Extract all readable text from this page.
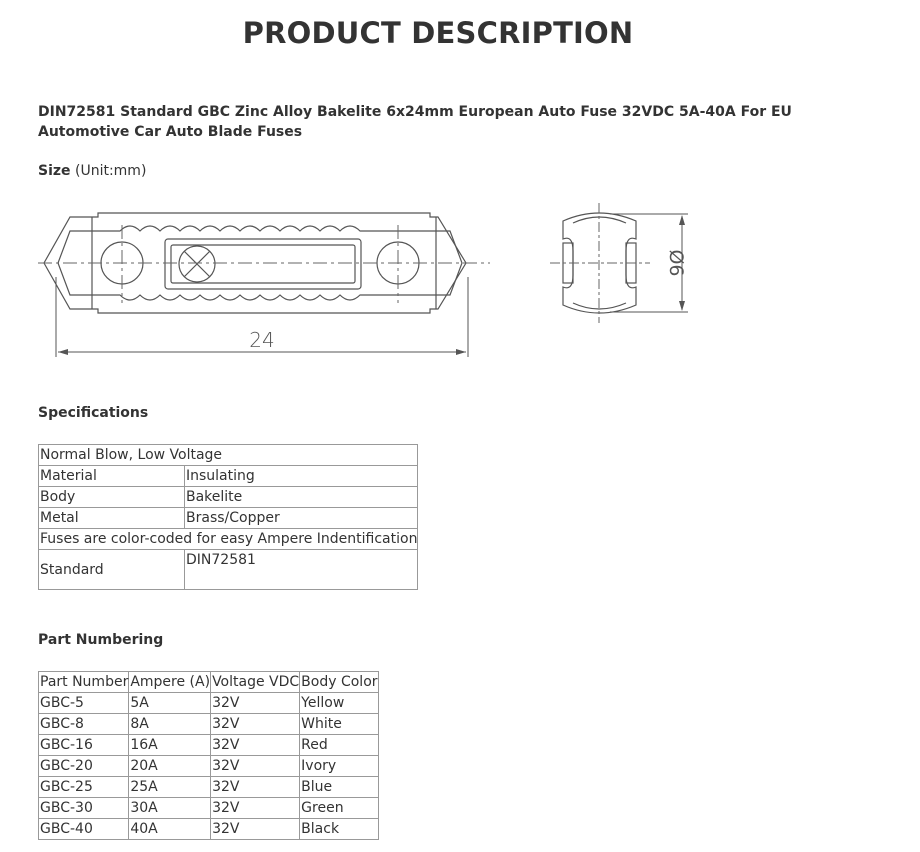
PRODUCT DESCRIPTION

DIN72581 Standard GBC Zinc Alloy Bakelite 6x24mm European Auto Fuse 32VDC 5A-40A For EU Automotive Car Auto Blade Fuses

Size (Unit:mm)
24
Ø6
Specifications
Normal Blow, Low Voltage	
Material	Insulating
Body	Bakelite
Metal	Brass/Copper
Fuses are color-coded for easy Ampere Indentification	
Standard	DIN72581
Part Numbering
Part Number	Ampere (A)	Voltage VDC	Body Color
GBC-5	5A	32V	Yellow
GBC-8	8A	32V	White
GBC-16	16A	32V	Red
GBC-20	20A	32V	Ivory
GBC-25	25A	32V	Blue
GBC-30	30A	32V	Green
GBC-40	40A	32V	Black
